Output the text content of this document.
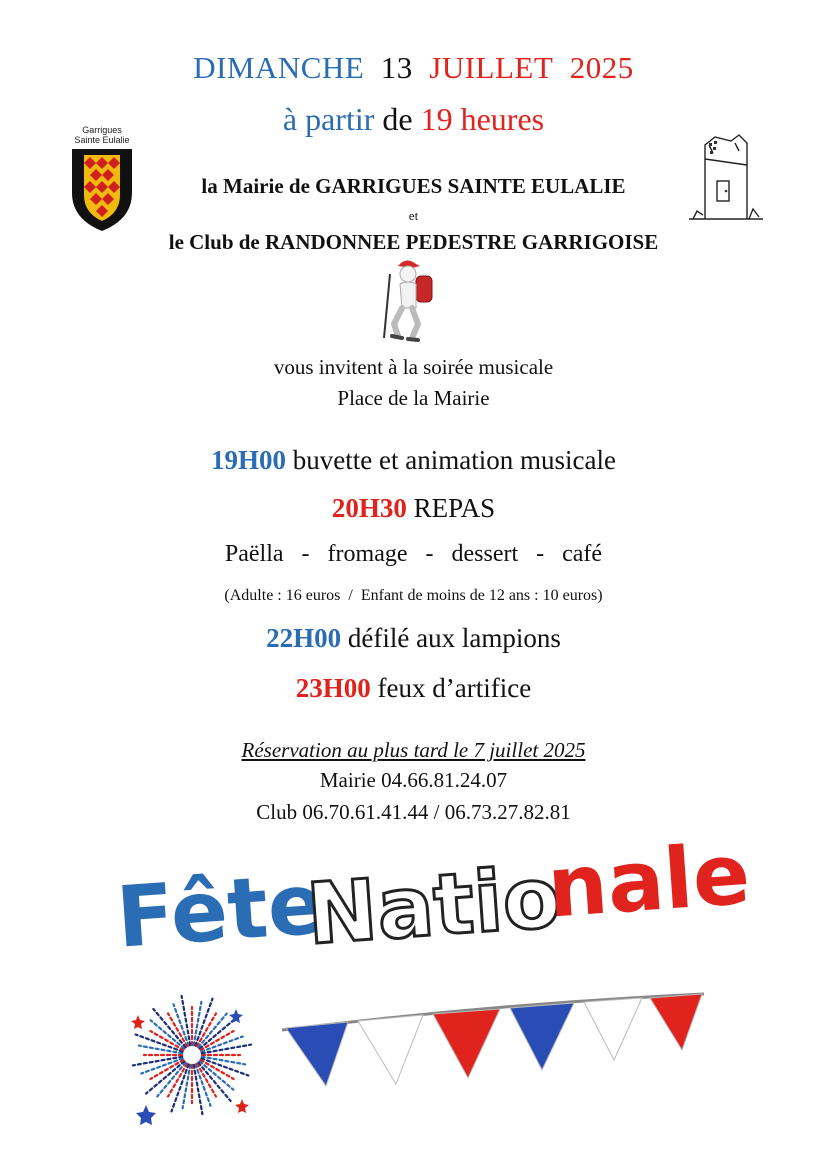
DIMANCHE 13 JUILLET 2025
à partir de 19 heures
Garrigues
Sainte Eulalie
la Mairie de GARRIGUES SAINTE EULALIE
et
le Club de RANDONNEE PEDESTRE GARRIGOISE
vous invitent à la soirée musicale
Place de la Mairie
19H00 buvette et animation musicale
20H30 REPAS
Paëlla  -  fromage  -  dessert  -  café
(Adulte : 16 euros  /  Enfant de moins de 12 ans : 10 euros)
22H00 défilé aux lampions
23H00 feux d’artifice
Réservation au plus tard le 7 juillet 2025
Mairie 04.66.81.24.07
Club 06.70.61.41.44 / 06.73.27.82.81
Fête
Natio
nale
